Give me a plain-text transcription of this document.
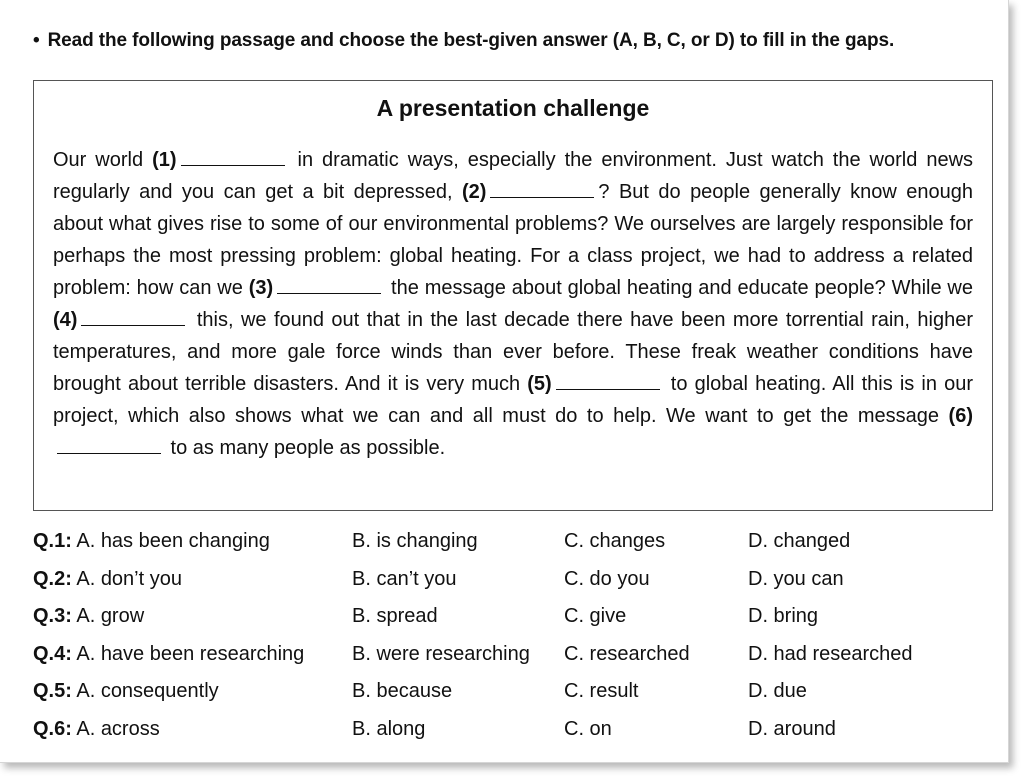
• Read the following passage and choose the best-given answer (A, B, C, or D) to fill in the gaps.
A presentation challenge

Our world (1)	in dramatic ways, especially the environment. Just watch the world news regularly and you can get a bit depressed, (2)	? But do people generally know enough about what gives rise to some of our environmental problems? We ourselves are largely responsible for perhaps the most pressing problem: global heating. For a class project, we had to address a related problem: how can we (3)	the message about global heating and educate people? While we (4)	this, we found out that in the last decade there have been more torrential rain, higher temperatures, and more gale force winds than ever before. These freak weather conditions have brought about terrible disasters. And it is very much (5)	to global heating. All this is in our project, which also shows what we can and all must do to help. We want to get the message (6) to as many people as possible.

Q.1: A. has been changing	B. is changing	C. changes	D. changed
Q.2: A. don’t you	B. can’t you	C. do you	D. you can
Q.3: A. grow	B. spread	C. give	D. bring
Q.4: A. have been researching B. were researching C. researched	D. had researched
Q.5: A. consequently	B. because	C. result	D. due
Q.6: A. across	B. along	C. on	D. around
